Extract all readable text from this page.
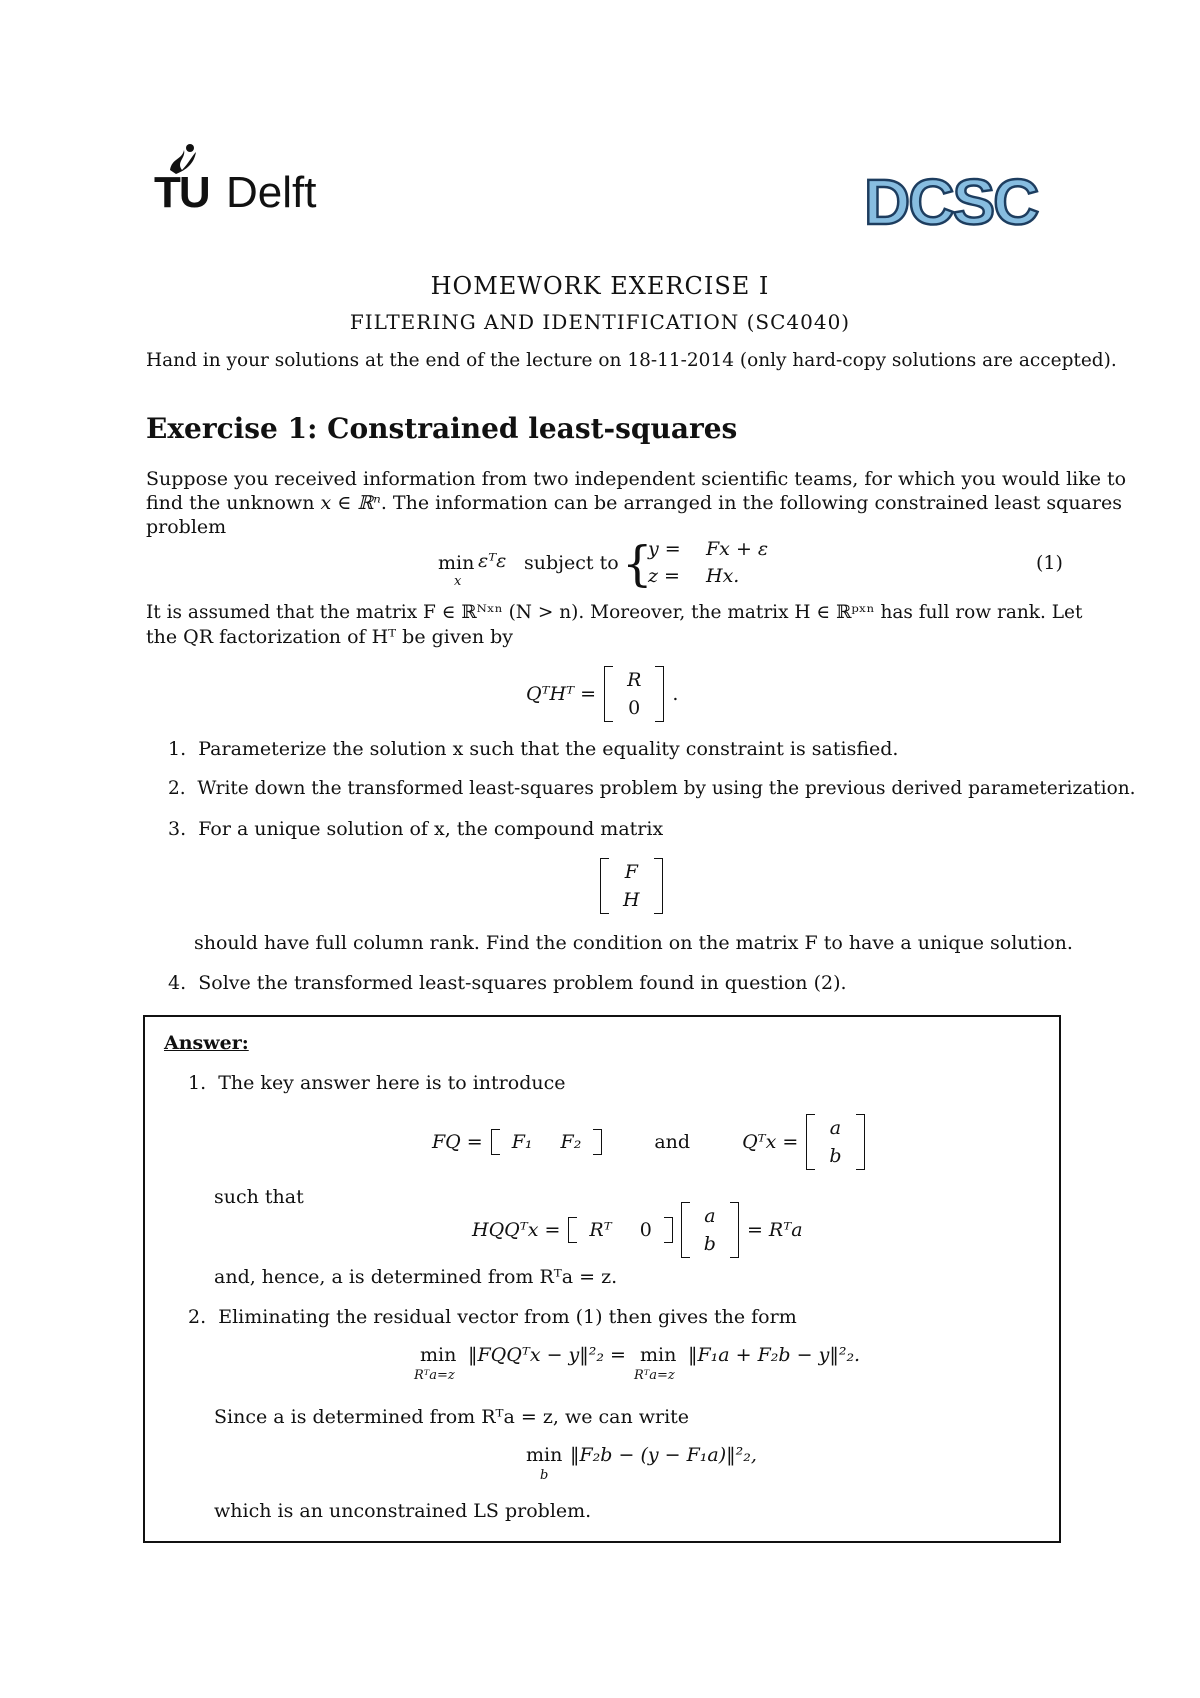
TU Delft	DCSC
HOMEWORK EXERCISE I
FILTERING AND IDENTIFICATION (SC4040)
Hand in your solutions at the end of the lecture on 18-11-2014 (only hard-copy solutions are accepted).
Exercise 1: Constrained least-squares
Suppose you received information from two independent scientific teams, for which you would like to
find the unknown x ∈ ℝⁿ. The information can be arranged in the following constrained least squares
problem
min
x
εᵀε subject to {
y = Fx + ε
z = Hx.
(1)
It is assumed that the matrix F ∈ ℝᴺˣⁿ (N > n). Moreover, the matrix H ∈ ℝᵖˣⁿ has full row rank. Let
the QR factorization of Hᵀ be given by
QᵀHᵀ =
R
0
.
1. Parameterize the solution x such that the equality constraint is satisfied.
2. Write down the transformed least-squares problem by using the previous derived parameterization.
3. For a unique solution of x, the compound matrix
F
H
should have full column rank. Find the condition on the matrix F to have a unique solution.
4. Solve the transformed least-squares problem found in question (2).
Answer:
1. The key answer here is to introduce
FQ = F₁ F₂	and	Qᵀx =
a
b
such that
HQQᵀx = Rᵀ 0
a
b
= Rᵀa
and, hence, a is determined from Rᵀa = z.
2. Eliminating the residual vector from (1) then gives the form
min
Rᵀa=z
‖FQQᵀx − y‖²₂ = min
Rᵀa=z
‖F₁a + F₂b − y‖²₂.
Since a is determined from Rᵀa = z, we can write
min
b
‖F₂b − (y − F₁a)‖²₂,
which is an unconstrained LS problem.
